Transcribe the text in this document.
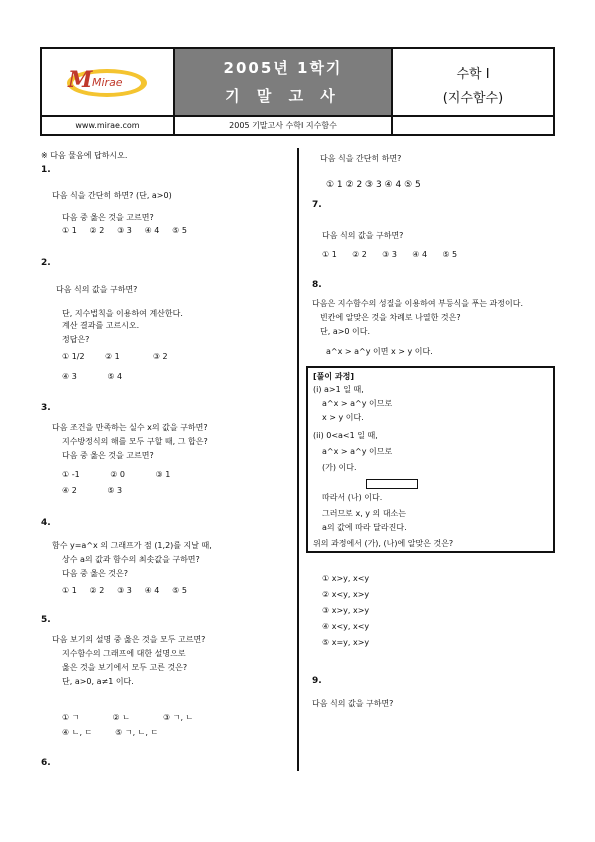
M Mirae
2005년 1학기
기 말 고 사
수학 I
(지수함수)
www.mirae.com	2005 기말고사 수학I 지수함수
※ 다음 물음에 답하시오.
1.
다음 식을 간단히 하면? (단, a>0)
다음 중 옳은 것을 고르면?
① 1 ② 2 ③ 3 ④ 4 ⑤ 5
2.
다음 식의 값을 구하면?
단, 지수법칙을 이용하여 계산한다.
계산 결과를 고르시오.
정답은?
① 1/2	② 1	③ 2
④ 3	⑤ 4
3.
다음 조건을 만족하는 실수 x의 값을 구하면?
지수방정식의 해를 모두 구할 때, 그 합은?
다음 중 옳은 것을 고르면?
① -1	② 0	③ 1
④ 2	⑤ 3
4.
함수 y=a^x 의 그래프가 점 (1,2)를 지날 때,
상수 a의 값과 함수의 최솟값을 구하면?
다음 중 옳은 것은?
① 1 ② 2 ③ 3 ④ 4 ⑤ 5
5.
다음 보기의 설명 중 옳은 것을 모두 고르면?
지수함수의 그래프에 대한 설명으로
옳은 것을 보기에서 모두 고른 것은?
단, a>0, a≠1 이다.
① ㄱ	② ㄴ	③ ㄱ, ㄴ
④ ㄴ, ㄷ	⑤ ㄱ, ㄴ, ㄷ
6.
다음 식을 간단히 하면?
① 1 ② 2 ③ 3 ④ 4 ⑤ 5
7.
다음 식의 값을 구하면?
① 1 ② 2 ③ 3 ④ 4 ⑤ 5
8.
다음은 지수함수의 성질을 이용하여 부등식을 푸는 과정이다.
빈칸에 알맞은 것을 차례로 나열한 것은?
단, a>0 이다.
a^x > a^y 이면 x > y 이다.
[풀이 과정]
(i) a>1 일 때,
a^x > a^y 이므로
x > y 이다.
(ii) 0<a<1 일 때,
a^x > a^y 이므로
(가) 이다.
따라서 (나) 이다.
그러므로 x, y 의 대소는
a의 값에 따라 달라진다.
위의 과정에서 (가), (나)에 알맞은 것은?
① x>y, x<y
② x<y, x>y
③ x>y, x>y
④ x<y, x<y
⑤ x=y, x>y
9.
다음 식의 값을 구하면?
